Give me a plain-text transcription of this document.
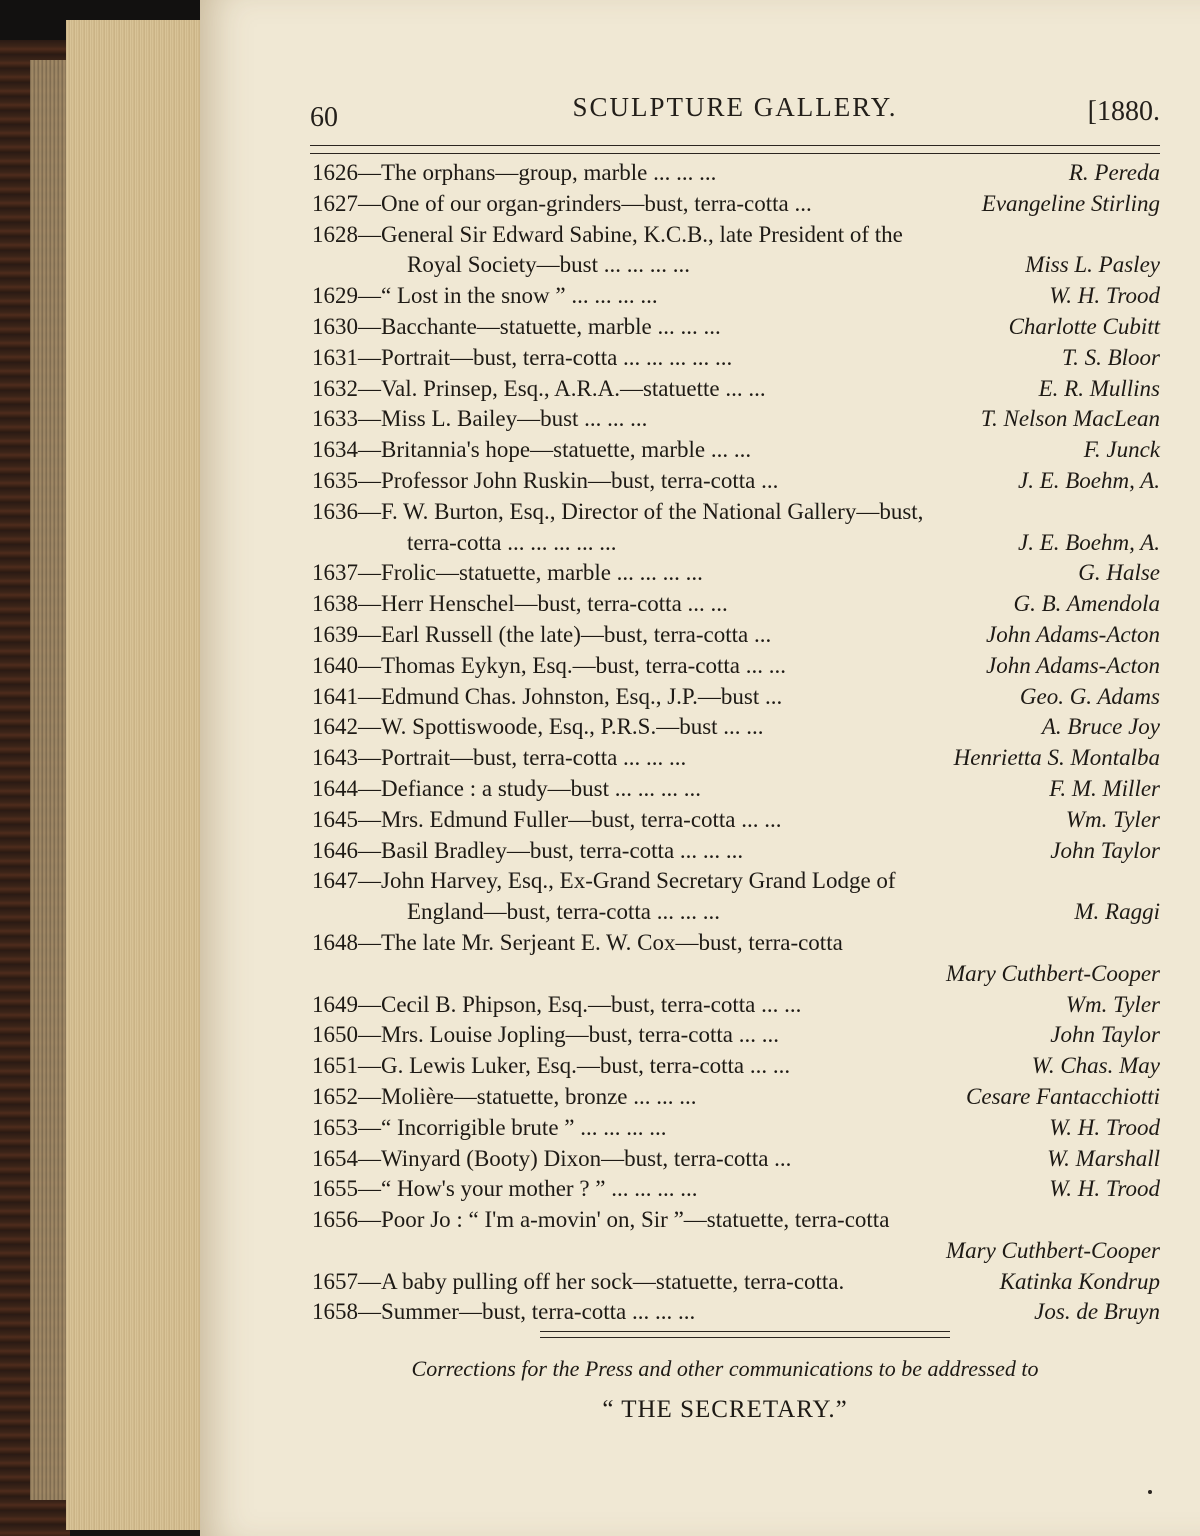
60	SCULPTURE GALLERY.	[1880.
1626—The orphans—group, marble ... ... ...	R. Pereda
1627—One of our organ-grinders—bust, terra-cotta ...	Evangeline Stirling
1628—General Sir Edward Sabine, K.C.B., late President of the
Royal Society—bust ... ... ... ...	Miss L. Pasley
1629—“ Lost in the snow ” ... ... ... ...	W. H. Trood
1630—Bacchante—statuette, marble ... ... ...	Charlotte Cubitt
1631—Portrait—bust, terra-cotta ... ... ... ... ...	T. S. Bloor
1632—Val. Prinsep, Esq., A.R.A.—statuette ... ...	E. R. Mullins
1633—Miss L. Bailey—bust ... ... ...	T. Nelson MacLean
1634—Britannia's hope—statuette, marble ... ...	F. Junck
1635—Professor John Ruskin—bust, terra-cotta ...	J. E. Boehm, A.
1636—F. W. Burton, Esq., Director of the National Gallery—bust,
terra-cotta ... ... ... ... ...	J. E. Boehm, A.
1637—Frolic—statuette, marble ... ... ... ...	G. Halse
1638—Herr Henschel—bust, terra-cotta ... ...	G. B. Amendola
1639—Earl Russell (the late)—bust, terra-cotta ...	John Adams-Acton
1640—Thomas Eykyn, Esq.—bust, terra-cotta ... ...	John Adams-Acton
1641—Edmund Chas. Johnston, Esq., J.P.—bust ...	Geo. G. Adams
1642—W. Spottiswoode, Esq., P.R.S.—bust ... ...	A. Bruce Joy
1643—Portrait—bust, terra-cotta ... ... ...	Henrietta S. Montalba
1644—Defiance : a study—bust ... ... ... ...	F. M. Miller
1645—Mrs. Edmund Fuller—bust, terra-cotta ... ...	Wm. Tyler
1646—Basil Bradley—bust, terra-cotta ... ... ...	John Taylor
1647—John Harvey, Esq., Ex-Grand Secretary Grand Lodge of
England—bust, terra-cotta ... ... ...	M. Raggi
1648—The late Mr. Serjeant E. W. Cox—bust, terra-cotta
Mary Cuthbert-Cooper
1649—Cecil B. Phipson, Esq.—bust, terra-cotta ... ...	Wm. Tyler
1650—Mrs. Louise Jopling—bust, terra-cotta ... ...	John Taylor
1651—G. Lewis Luker, Esq.—bust, terra-cotta ... ...	W. Chas. May
1652—Molière—statuette, bronze ... ... ...	Cesare Fantacchiotti
1653—“ Incorrigible brute ” ... ... ... ...	W. H. Trood
1654—Winyard (Booty) Dixon—bust, terra-cotta ...	W. Marshall
1655—“ How's your mother ? ” ... ... ... ...	W. H. Trood
1656—Poor Jo : “ I'm a-movin' on, Sir ”—statuette, terra-cotta
Mary Cuthbert-Cooper
1657—A baby pulling off her sock—statuette, terra-cotta.	Katinka Kondrup
1658—Summer—bust, terra-cotta ... ... ...	Jos. de Bruyn
Corrections for the Press and other communications to be addressed to
“ THE SECRETARY.”
